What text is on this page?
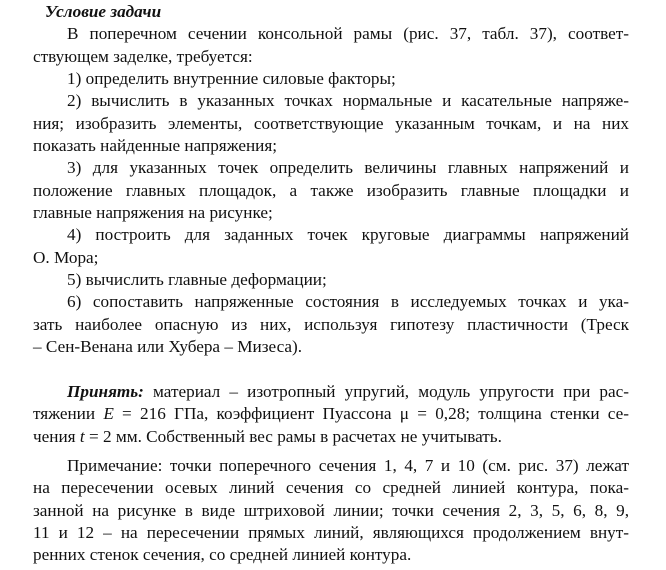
Условие задачи
В поперечном сечении консольной рамы (рис. 37, табл. 37), соответ-
ствующем заделке, требуется:
1) определить внутренние силовые факторы;
2) вычислить в указанных точках нормальные и касательные напряже-
ния; изобразить элементы, соответствующие указанным точкам, и на них
показать найденные напряжения;
3) для указанных точек определить величины главных напряжений и
положение главных площадок, а также изобразить главные площадки и
главные напряжения на рисунке;
4) построить для заданных точек круговые диаграммы напряжений
О. Мора;
5) вычислить главные деформации;
6) сопоставить напряженные состояния в исследуемых точках и ука-
зать наиболее опасную из них, используя гипотезу пластичности (Треск
– Сен-Венана или Хубера – Мизеса).
Принять: материал – изотропный упругий, модуль упругости при рас-
тяжении E = 216 ГПа, коэффициент Пуассона μ = 0,28; толщина стенки се-
чения t = 2 мм. Собственный вес рамы в расчетах не учитывать.
Примечание: точки поперечного сечения 1, 4, 7 и 10 (см. рис. 37) лежат
на пересечении осевых линий сечения со средней линией контура, пока-
занной на рисунке в виде штриховой линии; точки сечения 2, 3, 5, 6, 8, 9,
11 и 12 – на пересечении прямых линий, являющихся продолжением внут-
ренних стенок сечения, со средней линией контура.
